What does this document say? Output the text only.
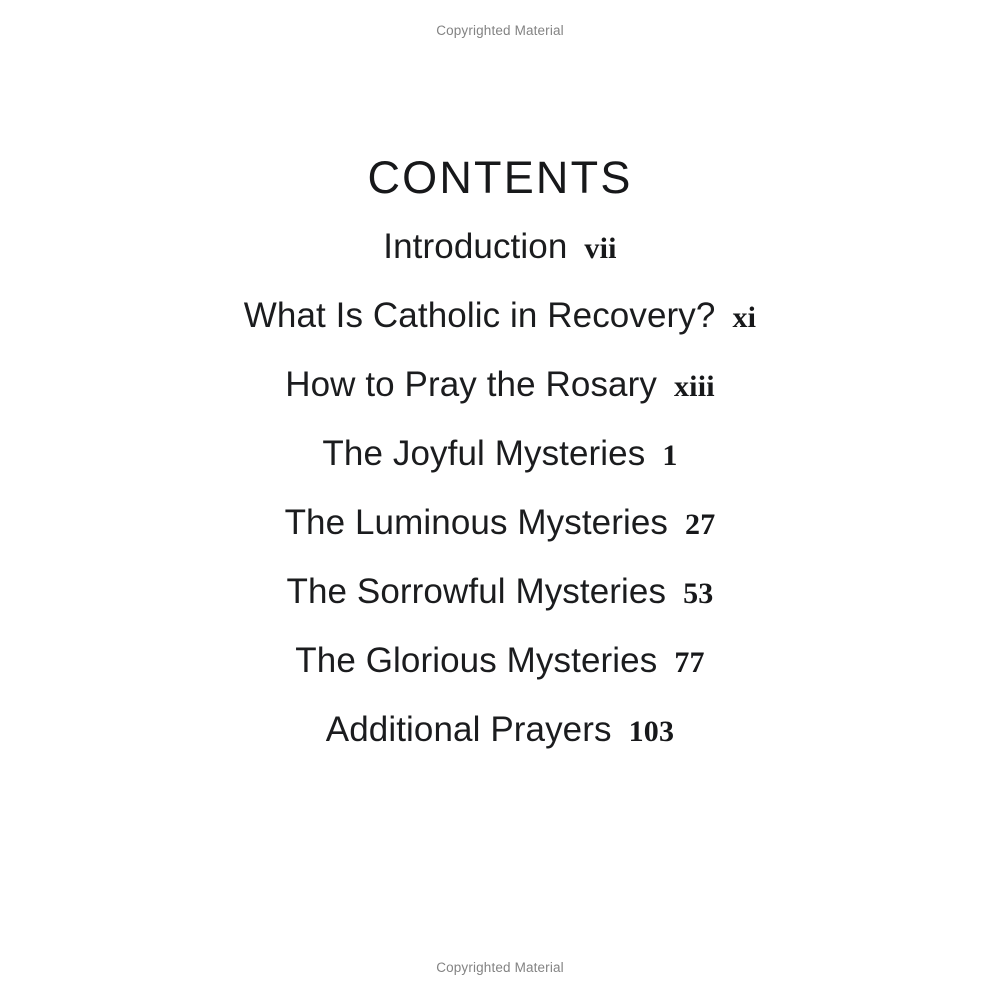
Copyrighted Material
CONTENTS
Introduction vii
What Is Catholic in Recovery? xi
How to Pray the Rosary xiii
The Joyful Mysteries 1
The Luminous Mysteries 27
The Sorrowful Mysteries 53
The Glorious Mysteries 77
Additional Prayers 103
Copyrighted Material
